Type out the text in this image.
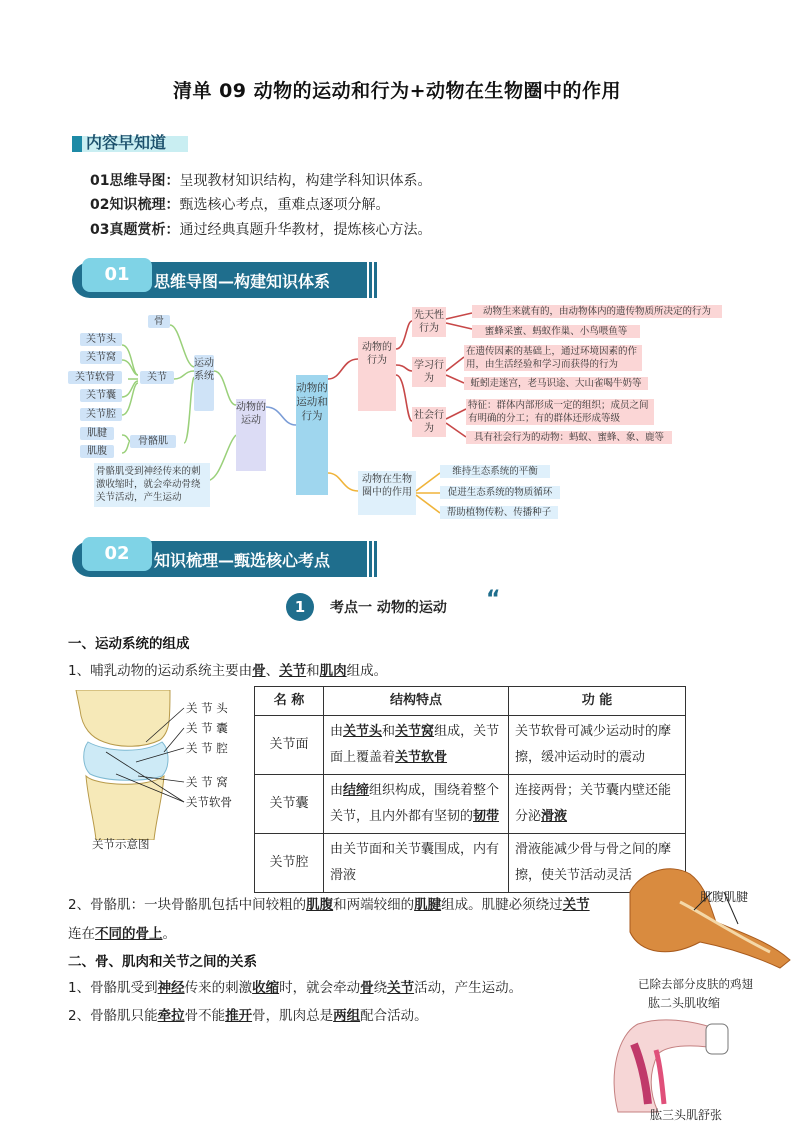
清单 09 动物的运动和行为+动物在生物圈中的作用
内容早知道
01思维导图：呈现教材知识结构，构建学科知识体系。
02知识梳理：甄选核心考点，重难点逐项分解。
03真题赏析：通过经典真题升华教材，提炼核心方法。
01	思维导图—构建知识体系
关节头
关节窝
关节软骨
关节囊
关节腔
肌腱
肌腹
骨
关节
骨骼肌
骨骼肌受到神经传来的刺激收缩时，就会牵动骨绕关节活动，产生运动
运动系统
动物的运动
动物的运动和行为
动物的行为
先天性行为
学习行为
社会行为
动物生来就有的，由动物体内的遗传物质所决定的行为
蜜蜂采蜜、蚂蚁作巢、小鸟喂鱼等
在遗传因素的基础上，通过环境因素的作用，由生活经验和学习而获得的行为
蚯蚓走迷宫，老马识途、大山雀喝牛奶等
特征：群体内部形成一定的组织；成员之间有明确的分工；有的群体还形成等级
具有社会行为的动物：蚂蚁、蜜蜂、象、鹿等
动物在生物圈中的作用
维持生态系统的平衡
促进生态系统的物质循环
帮助植物传粉、传播种子
02	知识梳理—甄选核心考点
1	考点一 动物的运动 “
一、运动系统的组成
1、哺乳动物的运动系统主要由骨、关节和肌肉组成。
关 节 头
关 节 囊
关 节 腔
关 节 窝
关节软骨
关节示意图
名 称	结构特点	功 能
关节面	由关节头和关节窝组成，关节面上覆盖着关节软骨	关节软骨可减少运动时的摩擦，缓冲运动时的震动
关节囊	由结缔组织构成，围绕着整个关节，且内外都有坚韧的韧带	连接两骨；关节囊内壁还能分泌滑液
关节腔	由关节面和关节囊围成，内有滑液	滑液能减少骨与骨之间的摩擦，使关节活动灵活
肌腹肌腱
已除去部分皮肤的鸡翅
2、骨骼肌：一块骨骼肌包括中间较粗的肌腹和两端较细的肌腱组成。肌腱必须绕过关节
连在不同的骨上。
二、骨、肌肉和关节之间的关系
1、骨骼肌受到神经传来的刺激收缩时，就会牵动骨绕关节活动，产生运动。
2、骨骼肌只能牵拉骨不能推开骨，肌肉总是两组配合活动。
肱二头肌收缩
肱三头肌舒张
